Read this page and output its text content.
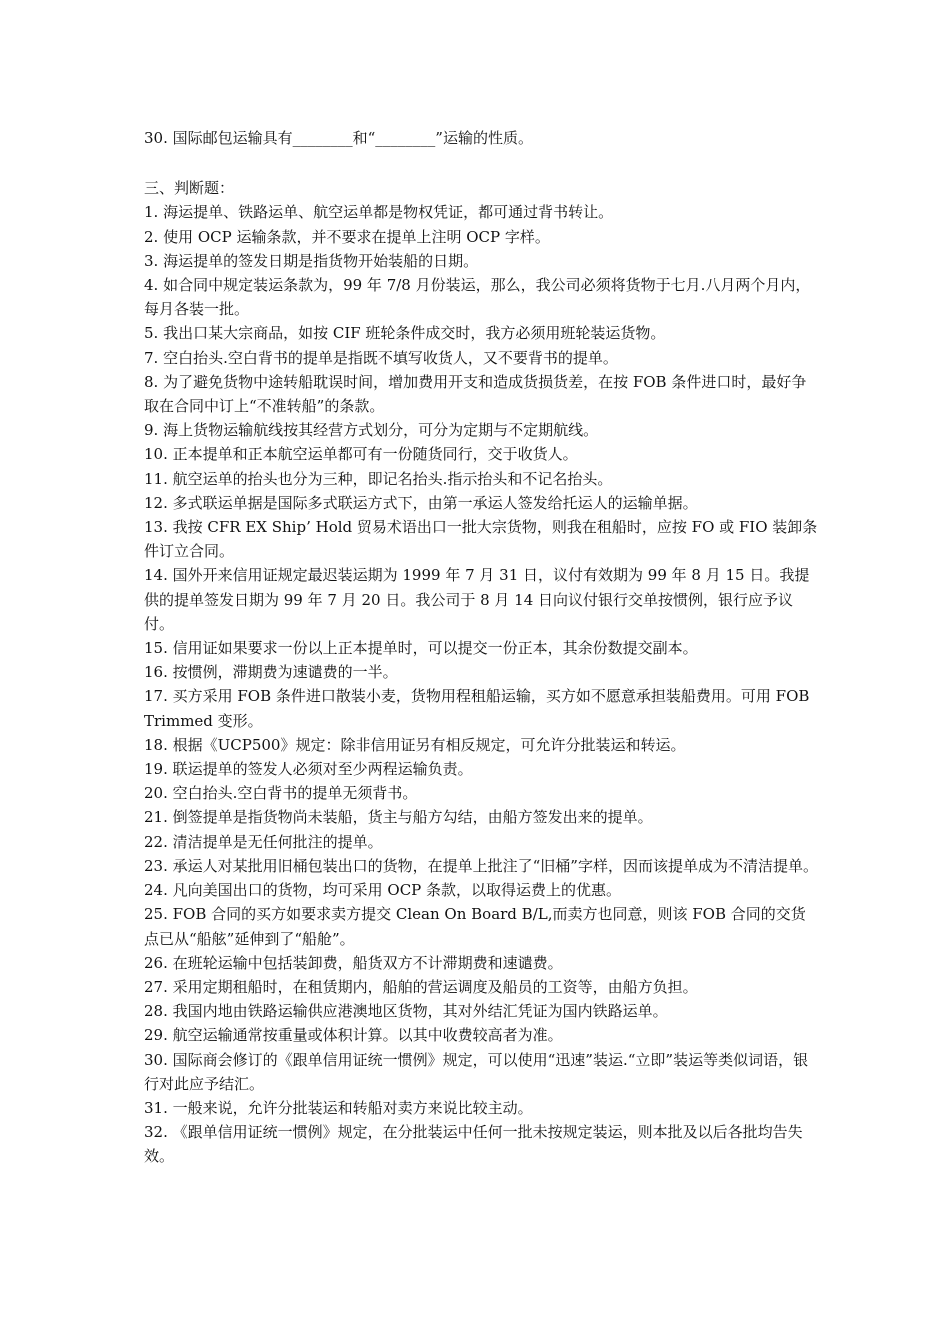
30. 国际邮包运输具有________和“________”运输的性质。

三、判断题：

1. 海运提单、铁路运单、航空运单都是物权凭证，都可通过背书转让。

2. 使用 OCP 运输条款，并不要求在提单上注明 OCP 字样。

3. 海运提单的签发日期是指货物开始装船的日期。

4. 如合同中规定装运条款为，99 年 7/8 月份装运，那么，我公司必须将货物于七月.八月两个月内，每月各装一批。

5. 我出口某大宗商品，如按 CIF 班轮条件成交时，我方必须用班轮装运货物。

7. 空白抬头.空白背书的提单是指既不填写收货人，又不要背书的提单。

8. 为了避免货物中途转船耽误时间，增加费用开支和造成货损货差，在按 FOB 条件进口时，最好争取在合同中订上“不准转船”的条款。

9. 海上货物运输航线按其经营方式划分，可分为定期与不定期航线。

10. 正本提单和正本航空运单都可有一份随货同行，交于收货人。

11. 航空运单的抬头也分为三种，即记名抬头.指示抬头和不记名抬头。

12. 多式联运单据是国际多式联运方式下，由第一承运人签发给托运人的运输单据。

13. 我按 CFR EX Ship’ Hold 贸易术语出口一批大宗货物，则我在租船时，应按 FO 或 FIO 装卸条件订立合同。

14. 国外开来信用证规定最迟装运期为 1999 年 7 月 31 日，议付有效期为 99 年 8 月 15 日。我提供的提单签发日期为 99 年 7 月 20 日。我公司于 8 月 14 日向议付银行交单按惯例，银行应予议付。

15. 信用证如果要求一份以上正本提单时，可以提交一份正本，其余份数提交副本。

16. 按惯例，滞期费为速谴费的一半。

17. 买方采用 FOB 条件进口散装小麦，货物用程租船运输，买方如不愿意承担装船费用。可用 FOB Trimmed 变形。

18. 根据《UCP500》规定：除非信用证另有相反规定，可允许分批装运和转运。

19. 联运提单的签发人必须对至少两程运输负责。

20. 空白抬头.空白背书的提单无须背书。

21. 倒签提单是指货物尚未装船，货主与船方勾结，由船方签发出来的提单。

22. 清洁提单是无任何批注的提单。

23. 承运人对某批用旧桶包装出口的货物，在提单上批注了“旧桶”字样，因而该提单成为不清洁提单。

24. 凡向美国出口的货物，均可采用 OCP 条款，以取得运费上的优惠。

25. FOB 合同的买方如要求卖方提交 Clean On Board B/L,而卖方也同意，则该 FOB 合同的交货点已从“船舷”延伸到了“船舱”。

26. 在班轮运输中包括装卸费，船货双方不计滞期费和速谴费。

27. 采用定期租船时，在租赁期内，船舶的营运调度及船员的工资等，由船方负担。

28. 我国内地由铁路运输供应港澳地区货物，其对外结汇凭证为国内铁路运单。

29. 航空运输通常按重量或体积计算。以其中收费较高者为准。

30. 国际商会修订的《跟单信用证统一惯例》规定，可以使用“迅速”装运.“立即”装运等类似词语，银行对此应予结汇。

31. 一般来说，允许分批装运和转船对卖方来说比较主动。

32. 《跟单信用证统一惯例》规定，在分批装运中任何一批未按规定装运，则本批及以后各批均告失效。
